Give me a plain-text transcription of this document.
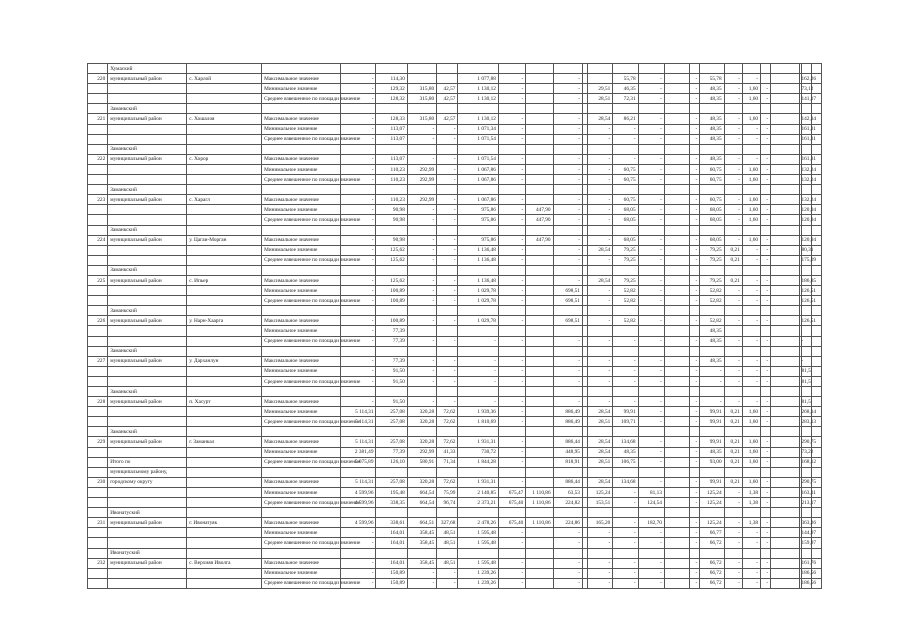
	Хумаский																								
220	муниципальный район	с. Харлой	Максимальное значение	-	114,30			1 077,88	-		-			55,78	-		-	55,78	-	-			162,26		
			Минимальное значение	-	129,32	315,80	42,57	1 130,12	-		-		29,51	46,35	-		-	48,35	-	1,60	-		73,12		
			Среднее взвешенное по площади значение	-	128,32	315,80	42,57	1 130,12	-		-		28,51	72,31	-		-	48,35	-	1,60	-		141,17		
	Заманкский																								
221	муниципальный район	с. Хошалоя	Максимальное значение	-	128,33	315,80	42,57	1 130,12	-		-		28,54	86,21	-		-	48,35	-	1,60	-		142,34		
			Минимальное значение	-	113,07	-	-	1 071,34	-		-		-	-	-		-	48,35	-	-	-		161,31		
			Среднее взвешенное по площади значение	-	113,07	-	-	1 071,54	-		-		-	-	-		-	48,35	-	-	-		161,31		
	Заманкский																								
222	муниципальный район	с. Хорор	Максимальное значение	-	113,07	-	-	1 071,54	-		-		-	-	-		-	48,35	-	-	-		161,31		
			Минимальное значение	-	110,23	292,99	-	1 067,86	-		-		-	60,75	-		-	60,75	-	1,60	-		132,24		
			Среднее взвешенное по площади значение	-	110,23	292,99	-	1 067,86	-		-		-	60,75	-		-	60,75	-	1,60	-		132,24		
	Заманкский																								
223	муниципальный район	с. Харагл	Максимальное значение	-	110,23	292,99	-	1 067,86	-		-		-	60,75	-		-	60,75	-	1,60	-		132,24		
			Минимальное значение	-	90,98	-	-	975,86	-	447,90	-		-	68,05	-		-	68,05	-	1,60	-		120,94		
			Среднее взвешенное по площади значение	-	90,98	-	-	975,86	-	447,90	-		-	68,05	-		-	68,05	-	1,60	-		120,94		
	Заманкский																								
224	муниципальный район	у. Цагаи-Морган	Максимальное значение	-	90,98	-	-	975,86	-	447,90	-		-	68,05	-		-	68,05	-	1,60	-		120,94		
			Минимальное значение	-	125,62	-	-	1 136,48	-		-		28,54	79,25	-		-	79,25	0,21	-	-		80,31		
			Среднее взвешенное по площади значение	-	125,62	-	-	1 136,48	-		-		-	79,25	-		-	79,25	0,21	-	-		175,09		
	Заманкский																								
225	муниципальный район	с. Ипьер	Максимальное значение	-	125,62	-	-	1 136,48	-		-		28,54	79,25	-		-	79,25	0,21	-	-		186,85		
			Минимальное значение	-	100,89	-	-	1 029,78	-		698,51		-	52,82	-		-	52,82	-	-	-		126,51		
			Среднее взвешенное по площади значение	-	100,89	-	-	1 029,78	-		698,51		-	52,82	-		-	52,82	-	-	-		126,51		
	Заманкский																								
226	муниципальный район	у. Нарн-Хаарга	Максимальное значение	-	100,89	-	-	1 029,78	-		698,51		-	52,82	-		-	52,82	-	-	-		126,51		
			Минимальное значение	-	77,39													48,35							
			Среднее взвешенное по площади значение	-	77,39	-	-	-	-		-		-	-	-		-	48,35	-	-	-		-		
	Заманкский																								
227	муниципальный район	у. Дарханлун	Максимальное значение	-	77,39	-	-	-	-		-		-	-	-		-	48,35	-	-	-		-		
			Минимальное значение	-	91,50	-	-	-	-		-		-	-	-		-	-	-	-	-		81,5		
			Среднее взвешенное по площади значение	-	91,50	-	-	-	-		-		-	-	-		-	-	-	-	-		81,5		
	Заманкский																								
228	муниципальный район	п. Хасурт	Максимальное значение	-	91,50	-	-	-	-		-		-	-	-		-	-	-	-	-		81,5		
			Минимальное значение	5 114,31	257,08	320,28	72,62	1 939,36	-		886,49		28,54	99,91	-		-	99,91	0,21	1,60	-		268,14		
			Среднее взвешенное по площади значение	5 114,31	257,08	320,28	72,62	1 810,69	-		886,49		28,51	109,71	-		-	99,91	0,21	1,60	-		283,13		
	Заманкский																								
229	муниципальный район	г. Заманкал	Максимальное значение	5 114,31	257,08	320,28	72,62	1 931,31	-		886,44		28,54	134,68	-		-	99,91	0,21	1,60	-		290,75		
			Минимальное значение	2 381,49	77,39	292,99	41,33	730,72	-		448,95		28,54	48,35	-		-	48,35	0,21	1,60	-		73,22		
	Итого по		Среднее взвешенное по площади значение	5 075,89	126,10	580,91	71,34	1 844,28	-		818,91		28,51	106,75	-		-	93,00	0,21	1,60	-		168,12		
	муниципальному району,																								
230	городскому округу		Максимальное значение	5 114,31	257,08	320,28	72,62	1 931,31	-		886,44		28,54	134,68	-		-	99,91	0,21	1,60	-		290,75		
			Минимальное значение	4 599,96	195,48	664,54	75,99	2 140,85	675,47	1 110,86	63,53		125,24	-	81,13		-	125,24	-	1,38	-		163,31		
			Среднее взвешенное по площади значение	4 599,96	338,35	664,54	96,74	2 373,21	675,40	1 110,86	224,82		153,51	-	124,54		-	125,24	-	1,38	-		213,17		
	Ивонатуский																								
231	муниципальный район	г. Ивонатуяк	Максимальное значение	4 599,96	338,61	664,51	327,68	2 478,26	675,40	1 110,86	224,86		165,20	-	182,70		-	125,24	-	1,38	-		363,26		
			Минимальное значение	-	164,01	358,45	48,51	1 595,48	-		-		-	-	-		-	66,77	-	-	-		144,97		
			Среднее взвешенное по площади значение	-	164,01	358,45	48,51	1 595,48	-		-		-	-	-		-	66,72	-	-	-		159,97		
	Ивонатуский																								
232	муниципальный район	с. Верхняя Иволга	Максимальное значение	-	164,01	358,45	48,51	1 595,48	-		-		-	-	-		-	66,72	-	-	-		161,76		
			Минимальное значение	-	150,89	-	-	1 239,26	-		-		-	-	-		-	66,72	-	-	-		186,56		
			Среднее взвешенное по площади значение	-	150,89	-	-	1 239,26	-		-		-	-	-		-	66,72	-	-	-		186,56		
